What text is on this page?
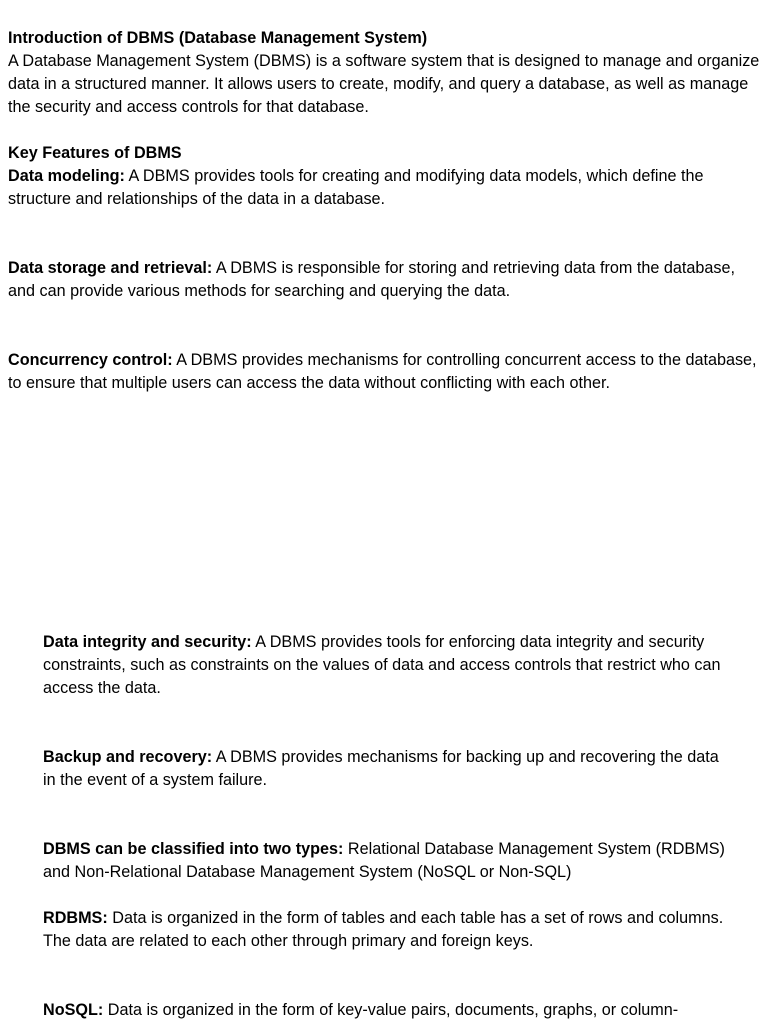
Introduction of DBMS (Database Management System)

A Database Management System (DBMS) is a software system that is designed to manage and organize data in a structured manner. It allows users to create, modify, and query a database, as well as manage the security and access controls for that database.

Key Features of DBMS

Data modeling: A DBMS provides tools for creating and modifying data models, which define the structure and relationships of the data in a database.

Data storage and retrieval: A DBMS is responsible for storing and retrieving data from the database, and can provide various methods for searching and querying the data.

Concurrency control: A DBMS provides mechanisms for controlling concurrent access to the database, to ensure that multiple users can access the data without conflicting with each other.

Data integrity and security: A DBMS provides tools for enforcing data integrity and security constraints, such as constraints on the values of data and access controls that restrict who can access the data.

Backup and recovery: A DBMS provides mechanisms for backing up and recovering the data in the event of a system failure.

DBMS can be classified into two types: Relational Database Management System (RDBMS) and Non-Relational Database Management System (NoSQL or Non-SQL)

RDBMS: Data is organized in the form of tables and each table has a set of rows and columns. The data are related to each other through primary and foreign keys.

NoSQL: Data is organized in the form of key-value pairs, documents, graphs, or column-
